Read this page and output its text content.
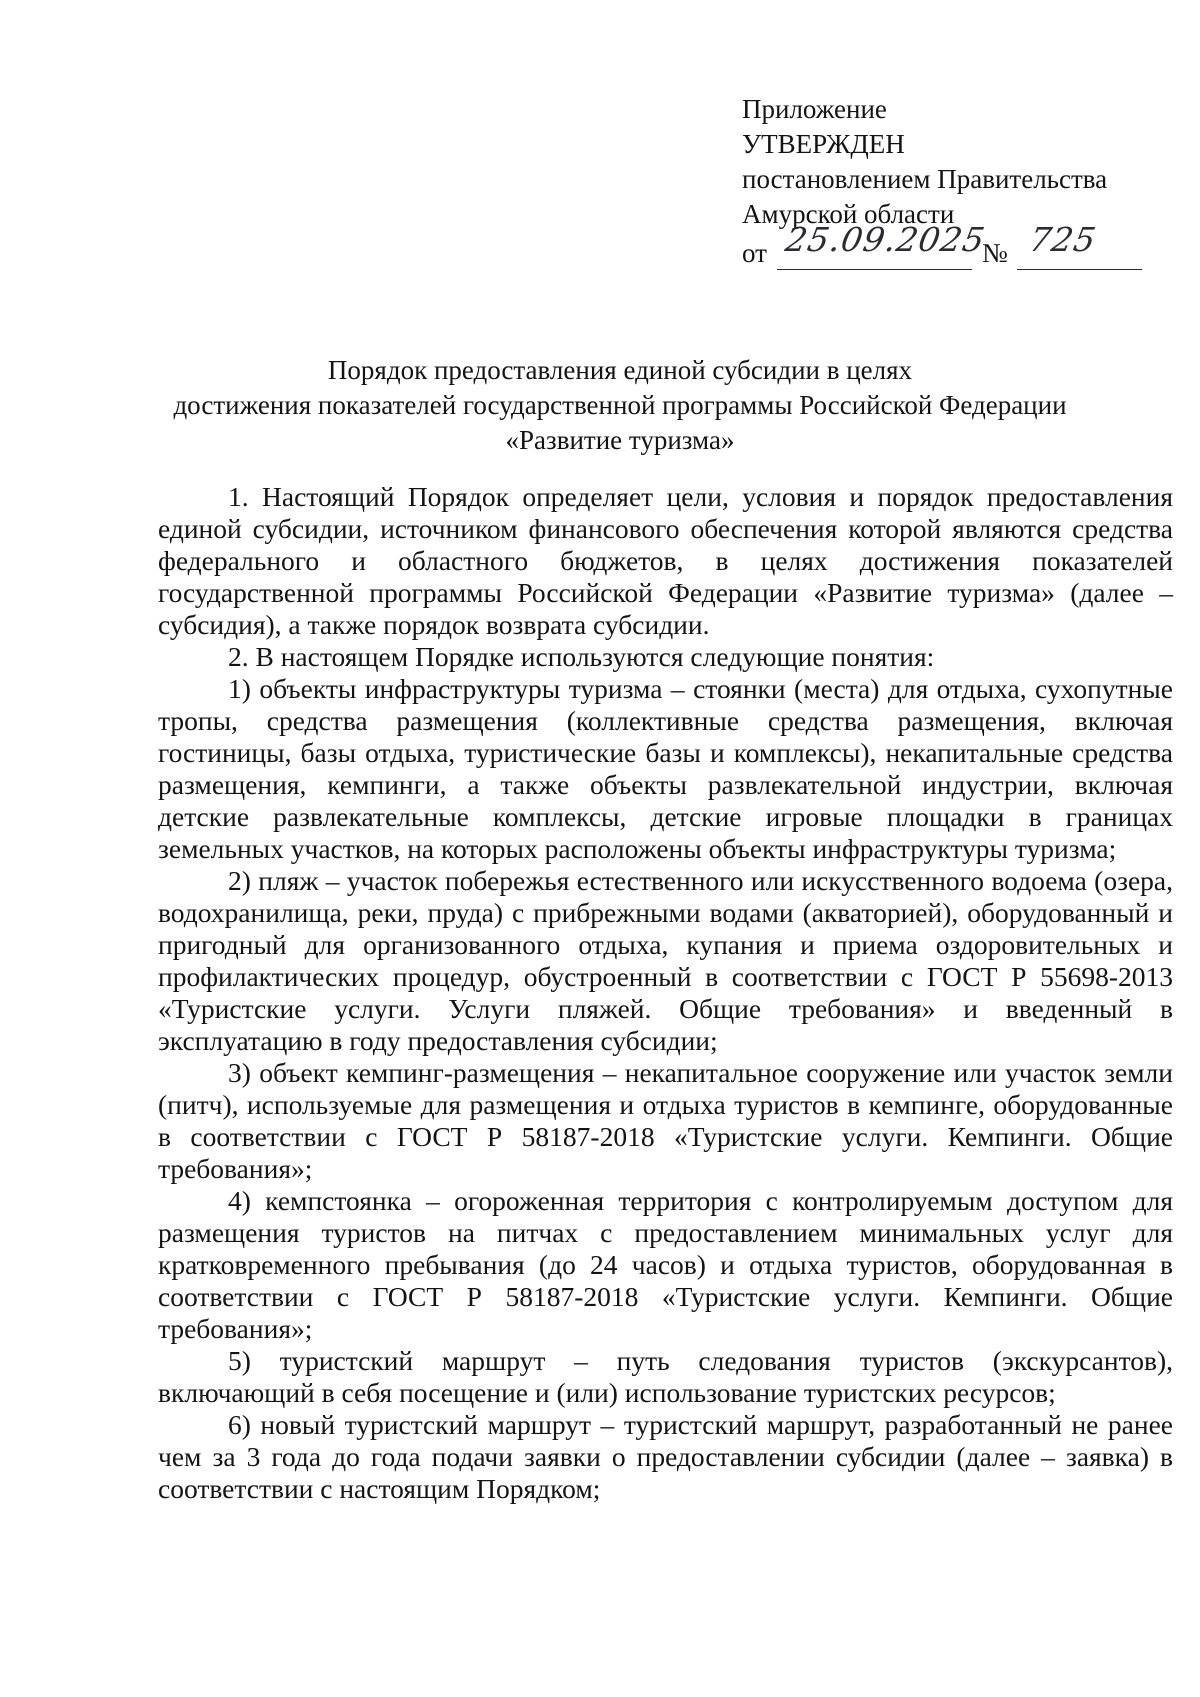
Приложение
УТВЕРЖДЕН
постановлением Правительства
Амурской области
от 25.09.2025
№ 725
Порядок предоставления единой субсидии в целях
достижения показателей государственной программы Российской Федерации
«Развитие туризма»

1. Настоящий Порядок определяет цели, условия и порядок предоставления единой субсидии, источником финансового обеспечения которой являются средства федерального и областного бюджетов, в целях достижения показателей государственной программы Российской Федерации «Развитие туризма» (далее – субсидия), а также порядок возврата субсидии.

2. В настоящем Порядке используются следующие понятия:

1) объекты инфраструктуры туризма – стоянки (места) для отдыха, сухопутные тропы, средства размещения (коллективные средства размещения, включая гостиницы, базы отдыха, туристические базы и комплексы), некапитальные средства размещения, кемпинги, а также объекты развлекательной индустрии, включая детские развлекательные комплексы, детские игровые площадки в границах земельных участков, на которых расположены объекты инфраструктуры туризма;

2) пляж – участок побережья естественного или искусственного водоема (озера, водохранилища, реки, пруда) с прибрежными водами (акваторией), оборудованный и пригодный для организованного отдыха, купания и приема оздоровительных и профилактических процедур, обустроенный в соответствии с ГОСТ Р 55698-2013 «Туристские услуги. Услуги пляжей. Общие требования» и введенный в эксплуатацию в году предоставления субсидии;

3) объект кемпинг-размещения – некапитальное сооружение или участок земли (питч), используемые для размещения и отдыха туристов в кемпинге, оборудованные в соответствии с ГОСТ Р 58187-2018 «Туристские услуги. Кемпинги. Общие требования»;

4) кемпстоянка – огороженная территория с контролируемым доступом для размещения туристов на питчах с предоставлением минимальных услуг для кратковременного пребывания (до 24 часов) и отдыха туристов, оборудованная в соответствии с ГОСТ Р 58187-2018 «Туристские услуги. Кемпинги. Общие требования»;

5) туристский маршрут – путь следования туристов (экскурсантов), включающий в себя посещение и (или) использование туристских ресурсов;

6) новый туристский маршрут – туристский маршрут, разработанный не ранее чем за 3 года до года подачи заявки о предоставлении субсидии (далее – заявка) в соответствии с настоящим Порядком;
